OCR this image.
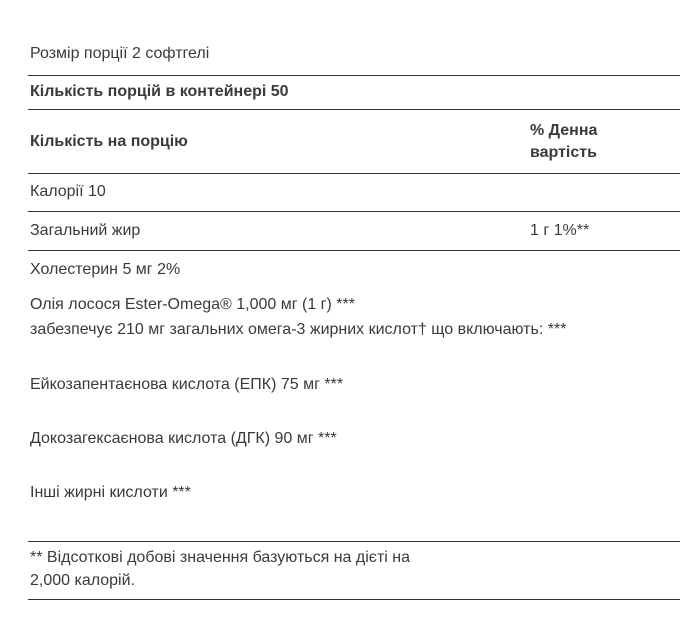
Розмір порції 2 софтгелі
Кількість порцій в контейнері 50
Кількість на порцію
% Денна
вартість
Калорії 10
Загальний жир	1 г 1%**
Холестерин 5 мг 2%
Олія лосося Ester-Omega® 1,000 мг (1 г) ***
забезпечує 210 мг загальних омега-3 жирних кислот† що включають: ***
Ейкозапентаєнова кислота (ЕПК) 75 мг ***
Докозагексаєнова кислота (ДГК) 90 мг ***
Інші жирні кислоти ***
** Відсоткові добові значення базуються на дієті на
2,000 калорій.
